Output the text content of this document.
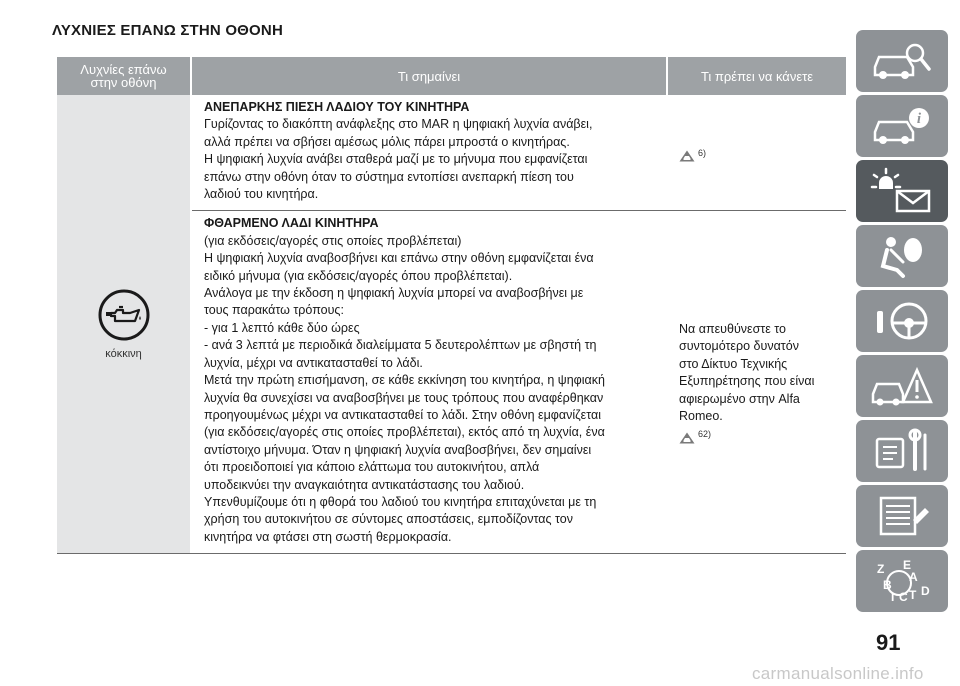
ΛΥΧΝΙΕΣ ΕΠΑΝΩ ΣΤΗΝ ΟΘΟΝΗ
Λυχνίες επάνω στην οθόνη	Τι σημαίνει	Τι πρέπει να κάνετε
κόκκινη
ΑΝΕΠΑΡΚΗΣ ΠΙΕΣΗ ΛΑΔΙΟΥ ΤΟΥ ΚΙΝΗΤΗΡΑ
Γυρίζοντας το διακόπτη ανάφλεξης στο MAR η ψηφιακή λυχνία ανάβει,
αλλά πρέπει να σβήσει αμέσως μόλις πάρει μπροστά ο κινητήρας.
Η ψηφιακή λυχνία ανάβει σταθερά μαζί με το μήνυμα που εμφανίζεται
επάνω στην οθόνη όταν το σύστημα εντοπίσει ανεπαρκή πίεση του
λαδιού του κινητήρα.
6)
ΦΘΑΡΜΕΝΟ ΛΑΔΙ ΚΙΝΗΤΗΡΑ
(για εκδόσεις/αγορές στις οποίες προβλέπεται)
Η ψηφιακή λυχνία αναβοσβήνει και επάνω στην οθόνη εμφανίζεται ένα
ειδικό μήνυμα (για εκδόσεις/αγορές όπου προβλέπεται).
Ανάλογα με την έκδοση η ψηφιακή λυχνία μπορεί να αναβοσβήνει με
τους παρακάτω τρόπους:
- για 1 λεπτό κάθε δύο ώρες
- ανά 3 λεπτά με περιοδικά διαλείμματα 5 δευτερολέπτων με σβηστή τη
λυχνία, μέχρι να αντικατασταθεί το λάδι.
Μετά την πρώτη επισήμανση, σε κάθε εκκίνηση του κινητήρα, η ψηφιακή
λυχνία θα συνεχίσει να αναβοσβήνει με τους τρόπους που αναφέρθηκαν
προηγουμένως μέχρι να αντικατασταθεί το λάδι. Στην οθόνη εμφανίζεται
(για εκδόσεις/αγορές στις οποίες προβλέπεται), εκτός από τη λυχνία, ένα
αντίστοιχο μήνυμα. Όταν η ψηφιακή λυχνία αναβοσβήνει, δεν σημαίνει
ότι προειδοποιεί για κάποιο ελάττωμα του αυτοκινήτου, απλά
υποδεικνύει την αναγκαιότητα αντικατάστασης του λαδιού.
Υπενθυμίζουμε ότι η φθορά του λαδιού του κινητήρα επιταχύνεται με τη
χρήση του αυτοκινήτου σε σύντομες αποστάσεις, εμποδίζοντας τον
κινητήρα να φτάσει στη σωστή θερμοκρασία.
Να απευθύνεστε το
συντομότερο δυνατόν
στο Δίκτυο Τεχνικής
Εξυπηρέτησης που είναι
αφιερωμένο στην Alfa
Romeo.
62)
i
Z E
A
B
I C T D
91
carmanualsonline.info
